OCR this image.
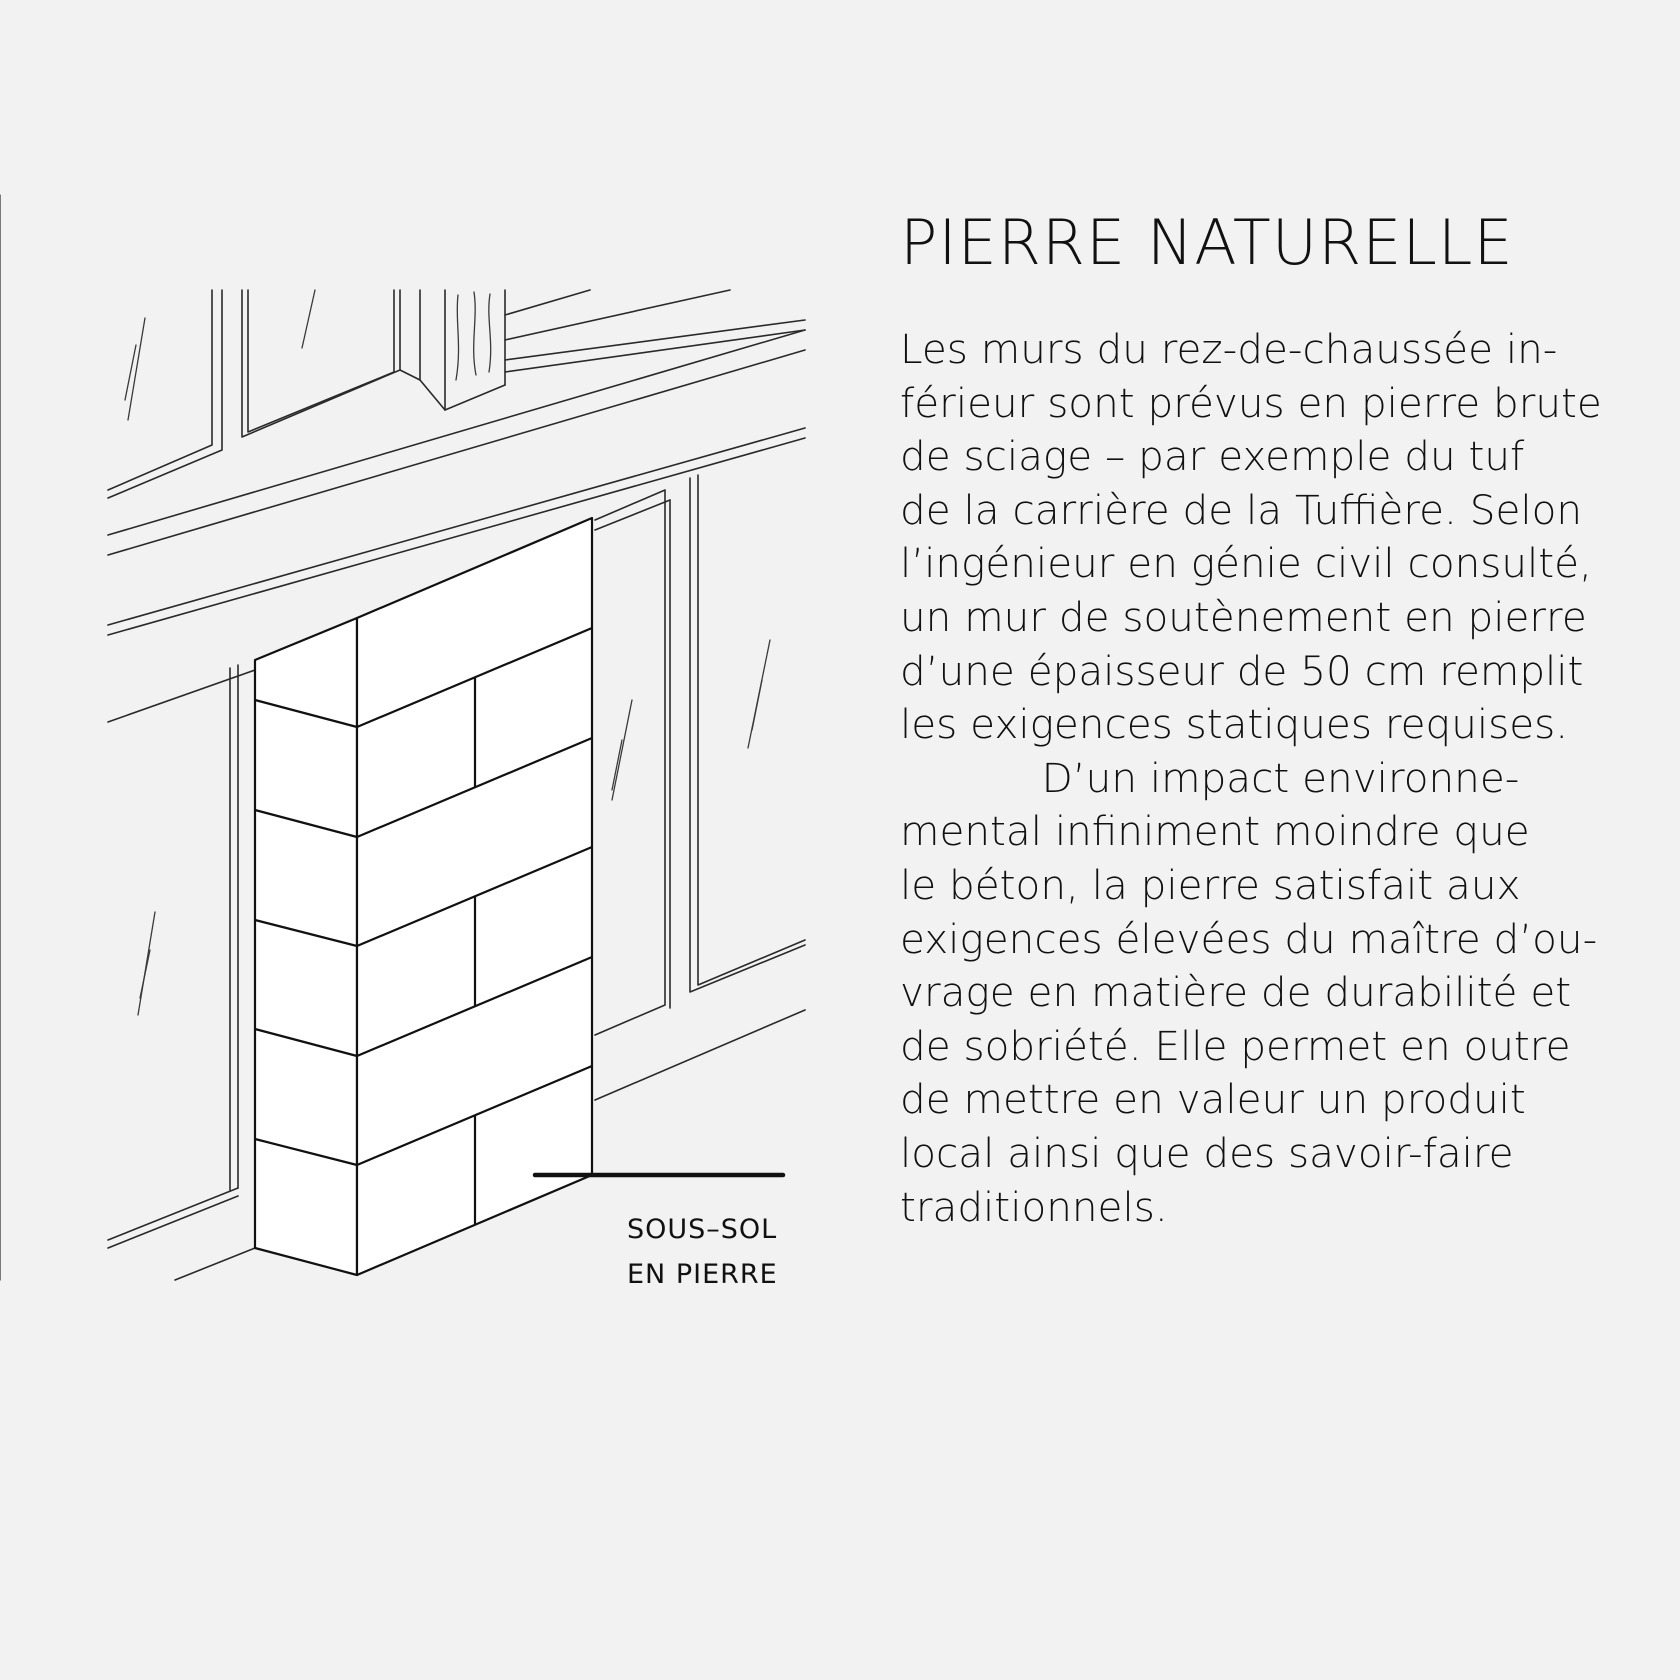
PIERRE NATURELLE
Les murs du rez-de-chaussée in-
férieur sont prévus en pierre brute
de sciage – par exemple du tuf
de la carrière de la Tuffière. Selon
l’ingénieur en génie civil consulté,
un mur de soutènement en pierre
d’une épaisseur de 50 cm remplit
les exigences statiques requises.
D’un impact environne-
mental infiniment moindre que
le béton, la pierre satisfait aux
exigences élevées du maître d’ou-
vrage en matière de durabilité et
de sobriété. Elle permet en outre
de mettre en valeur un produit
local ainsi que des savoir-faire
traditionnels.
SOUS–SOL
EN PIERRE
